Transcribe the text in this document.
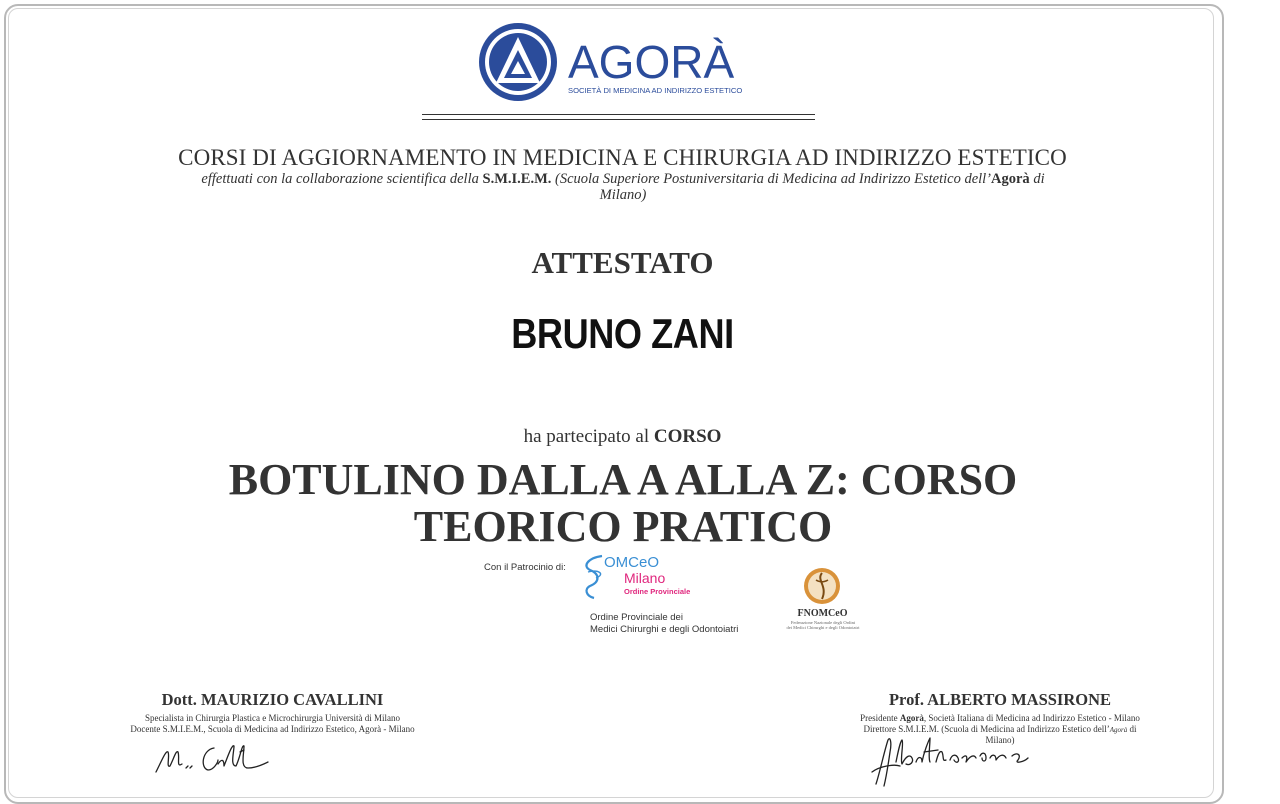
AGORÀ
SOCIETÀ DI MEDICINA AD INDIRIZZO ESTETICO
CORSI DI AGGIORNAMENTO IN MEDICINA E CHIRURGIA AD INDIRIZZO ESTETICO
effettuati con la collaborazione scientifica della S.M.I.E.M. (Scuola Superiore Postuniversitaria di Medicina ad Indirizzo Estetico dell’Agorà di Milano)
ATTESTATO
BRUNO ZANI
ha partecipato al CORSO
BOTULINO DALLA A ALLA Z: CORSO TEORICO PRATICO
Con il Patrocinio di:	OMCeO
Milano
Ordine Provinciale
Ordine Provinciale dei
Medici Chirurghi e degli Odontoiatri
FNOMCeO
Federazione Nazionale degli Ordini
dei Medici Chirurghi e degli Odontoiatri
Dott. MAURIZIO CAVALLINI
Specialista in Chirurgia Plastica e Microchirurgia Università di Milano
Docente S.M.I.E.M., Scuola di Medicina ad Indirizzo Estetico, Agorà - Milano
Prof. ALBERTO MASSIRONE
Presidente Agorà, Società Italiana di Medicina ad Indirizzo Estetico - Milano Direttore S.M.I.E.M. (Scuola di Medicina ad Indirizzo Estetico dell’Agorà di Milano)
